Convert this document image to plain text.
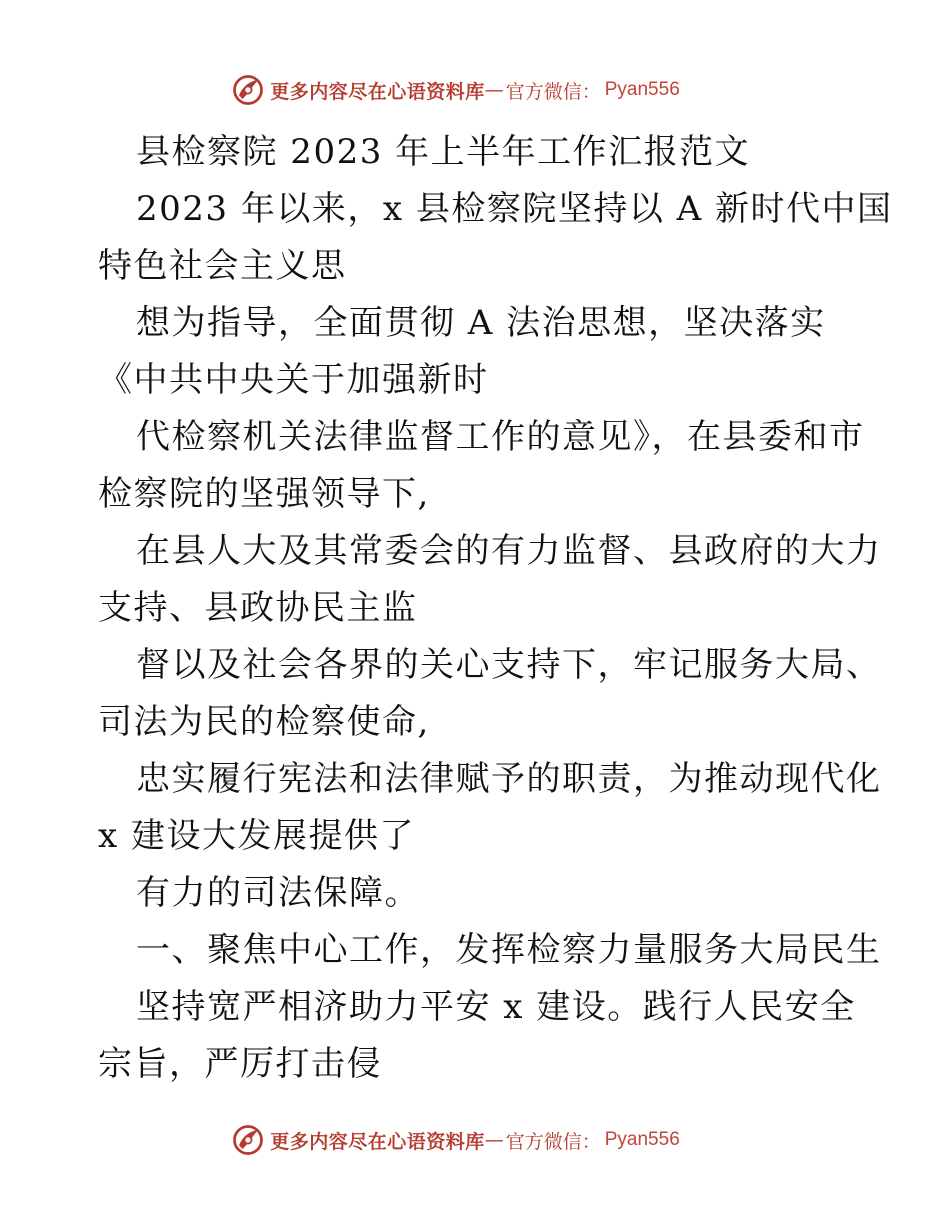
更多内容尽在心语资料库 — 官方微信： Pyan556
县检察院 2023 年上半年工作汇报范文
2023 年以来，x 县检察院坚持以 A 新时代中国
特色社会主义思
想为指导，全面贯彻 A 法治思想，坚决落实
《中共中央关于加强新时
代检察机关法律监督工作的意见》，在县委和市
检察院的坚强领导下,
在县人大及其常委会的有力监督、县政府的大力
支持、县政协民主监
督以及社会各界的关心支持下，牢记服务大局、
司法为民的检察使命,
忠实履行宪法和法律赋予的职责，为推动现代化
x 建设大发展提供了
有力的司法保障。
一、聚焦中心工作，发挥检察力量服务大局民生
坚持宽严相济助力平安 x 建设。践行人民安全
宗旨，严厉打击侵
更多内容尽在心语资料库 — 官方微信： Pyan556
